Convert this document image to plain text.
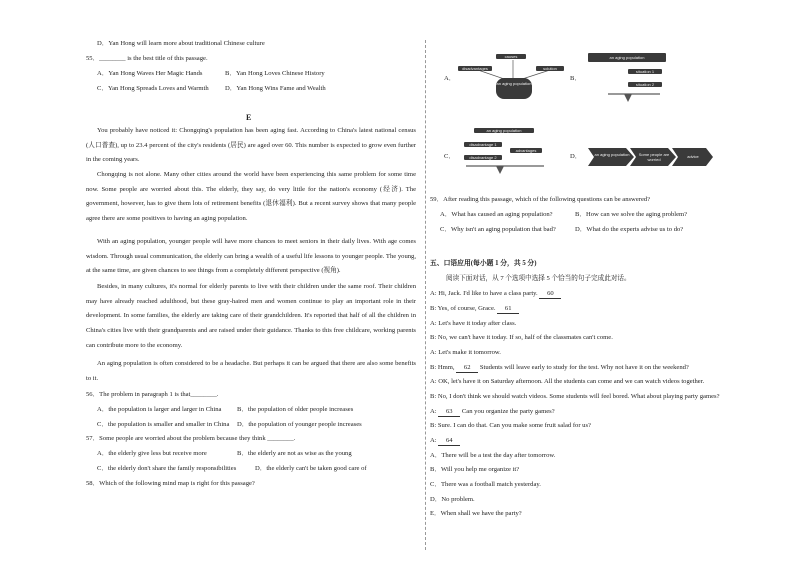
D．Yan Hong will learn more about traditional Chinese culture
55．________ is the best title of this passage.
A．Yan Hong Waves Her Magic Hands	B．Yan Hong Loves Chinese History
C．Yan Hong Spreads Loves and Warmth D．Yan Hong Wins Fame and Wealth
E
You probably have noticed it: Chongqing's population has been aging fast. According to China's latest national census (人口普查), up to 23.4 percent of the city's residents (居民) are aged over 60. This number is expected to grow even further in the coming years.
Chongqing is not alone. Many other cities around the world have been experiencing this same problem for some time now. Some people are worried about this. The elderly, they say, do very little for the nation's economy (经济). The government, however, has to give them lots of retirement benefits (退休福利). But a recent survey shows that many people agree there are some positives to having an aging population.
With an aging population, younger people will have more chances to meet seniors in their daily lives. With age comes wisdom. Through usual communication, the elderly can bring a wealth of a useful life lessons to younger people. The young, at the same time, are given chances to see things from a completely different perspective (视角).
Besides, in many cultures, it's normal for elderly parents to live with their children under the same roof. Their children may have already reached adulthood, but these gray-haired men and women continue to play an important role in their development. In some families, the elderly are taking care of their grandchildren. It's reported that half of all the children in China's cities live with their grandparents and are raised under their guidance. Thanks to this free childcare, working parents can contribute more to the economy.
An aging population is often considered to be a headache. But perhaps it can be argued that there are also some benefits to it.
56．The problem in paragraph 1 is that________.
A．the population is larger and larger in China B．the population of older people increases
C．the population is smaller and smaller in China D．the population of younger people increases
57．Some people are worried about the problem because they think ________.
A．the elderly give less but receive more	B．the elderly are not as wise as the young
C．the elderly don't share the family responsibilities	D．the elderly can't be taken good care of
58．Which of the following mind map is right for this passage?
A．
disadvantages
causes
solution
an aging population
B．
an aging population
situation 1
situation 2
C．
an aging population
disadvantage 1
disadvantage 2
advantages
D．	an aging population	Some people are worried
advice
59．After reading this passage, which of the following questions can be answered?
A．What has caused an aging population?	B．How can we solve the aging problem?
C．Why isn't an aging population that bad?	D．What do the experts advise us to do?
五、口语应用(每小题 1 分，共 5 分)
阅读下面对话，从 7 个选项中选择 5 个恰当的句子完成此对话。
A: Hi, Jack. I'd like to have a class party. 60
B: Yes, of course, Grace. 61
A: Let's have it today after class.
B: No, we can't have it today. If so, half of the classmates can't come.
A: Let's make it tomorrow.
B: Hmm, 62 Students will leave early to study for the test. Why not have it on the weekend?
A: OK, let's have it on Saturday afternoon. All the students can come and we can watch videos together.
B: No, I don't think we should watch videos. Some students will feel bored. What about playing party games?
A: 63 Can you organize the party games?
B: Sure. I can do that. Can you make some fruit salad for us?
A: 64
A．There will be a test the day after tomorrow.
B．Will you help me organize it?
C．There was a football match yesterday.
D．No problem.
E．When shall we have the party?
